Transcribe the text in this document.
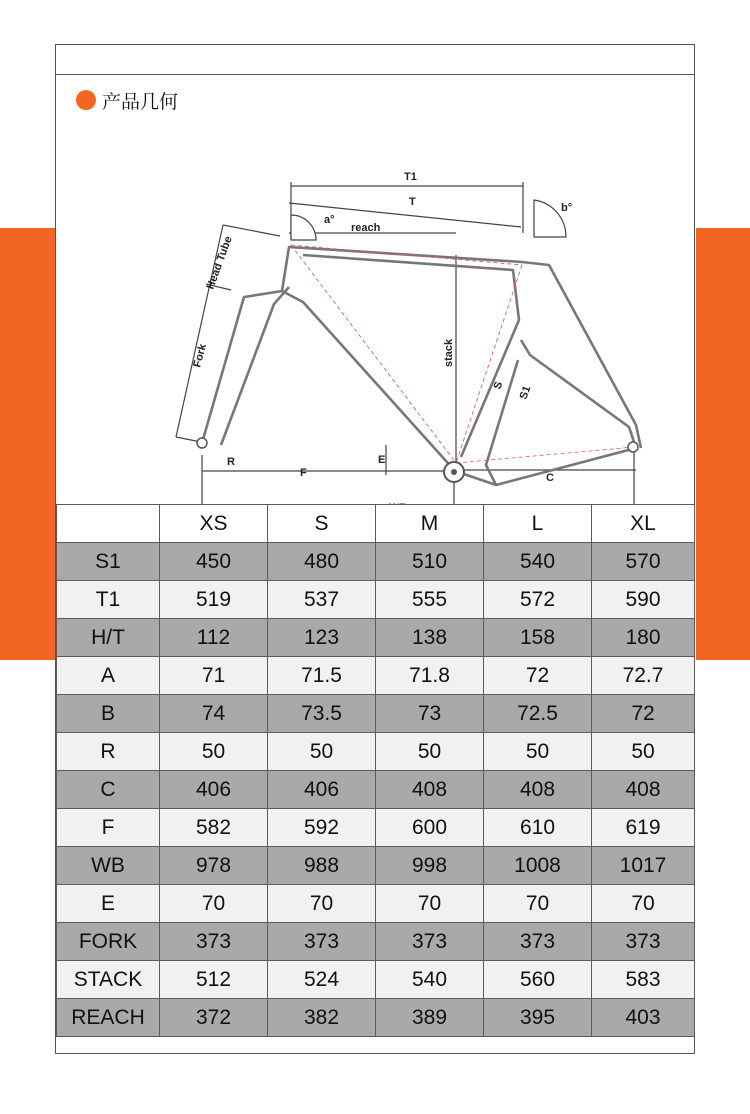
产品几何
T1
T
reach
a°
b°
Head Tube
Fork	stack
S S1
R	E
F	C
	XS	S	M	L	XL
S1	450	480	510	540	570
T1	519	537	555	572	590
H/T	112	123	138	158	180
A	71	71.5	71.8	72	72.7
B	74	73.5	73	72.5	72
R	50	50	50	50	50
C	406	406	408	408	408
F	582	592	600	610	619
WB	978	988	998	1008	1017
E	70	70	70	70	70
FORK	373	373	373	373	373
STACK	512	524	540	560	583
REACH	372	382	389	395	403
